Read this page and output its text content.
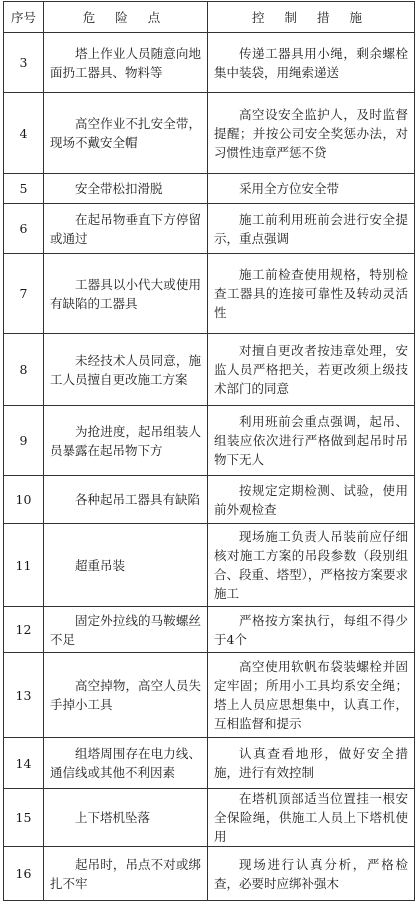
序号	危 险 点	控 制 措 施
3	塔上作业人员随意向地面扔工器具、物料等	传递工器具用小绳，剩余螺栓集中装袋，用绳索递送
4	高空作业不扎安全带，现场不戴安全帽	高空设安全监护人，及时监督提醒；并按公司安全奖惩办法，对习惯性违章严惩不贷
5	安全带松扣滑脱	采用全方位安全带
6	在起吊物垂直下方停留或通过	施工前利用班前会进行安全提示，重点强调
7	工器具以小代大或使用有缺陷的工器具	施工前检查使用规格，特别检查工器具的连接可靠性及转动灵活性
8	未经技术人员同意，施工人员擅自更改施工方案	对擅自更改者按违章处理，安监人员严格把关，若更改须上级技术部门的同意
9	为抢进度，起吊组装人员暴露在起吊物下方	利用班前会重点强调，起吊、组装应依次进行严格做到起吊时吊物下无人
10	各种起吊工器具有缺陷	按规定定期检测、试验，使用前外观检查
11	超重吊装	现场施工负责人吊装前应仔细核对施工方案的吊段参数（段别组合、段重、塔型），严格按方案要求施工
12	固定外拉线的马鞍螺丝不足	严格按方案执行，每组不得少于4个
13	高空掉物，高空人员失手掉小工具	高空使用软帆布袋装螺栓并固定牢固；所用小工具均系安全绳；塔上人员应思想集中，认真工作，互相监督和提示
14	组塔周围存在电力线、通信线或其他不利因素	认真查看地形，做好安全措施，进行有效控制
15	上下塔机坠落	在塔机顶部适当位置挂一根安全保险绳，供施工人员上下塔机使用
16	起吊时，吊点不对或绑扎不牢	现场进行认真分析，严格检查，必要时应绑补强木
